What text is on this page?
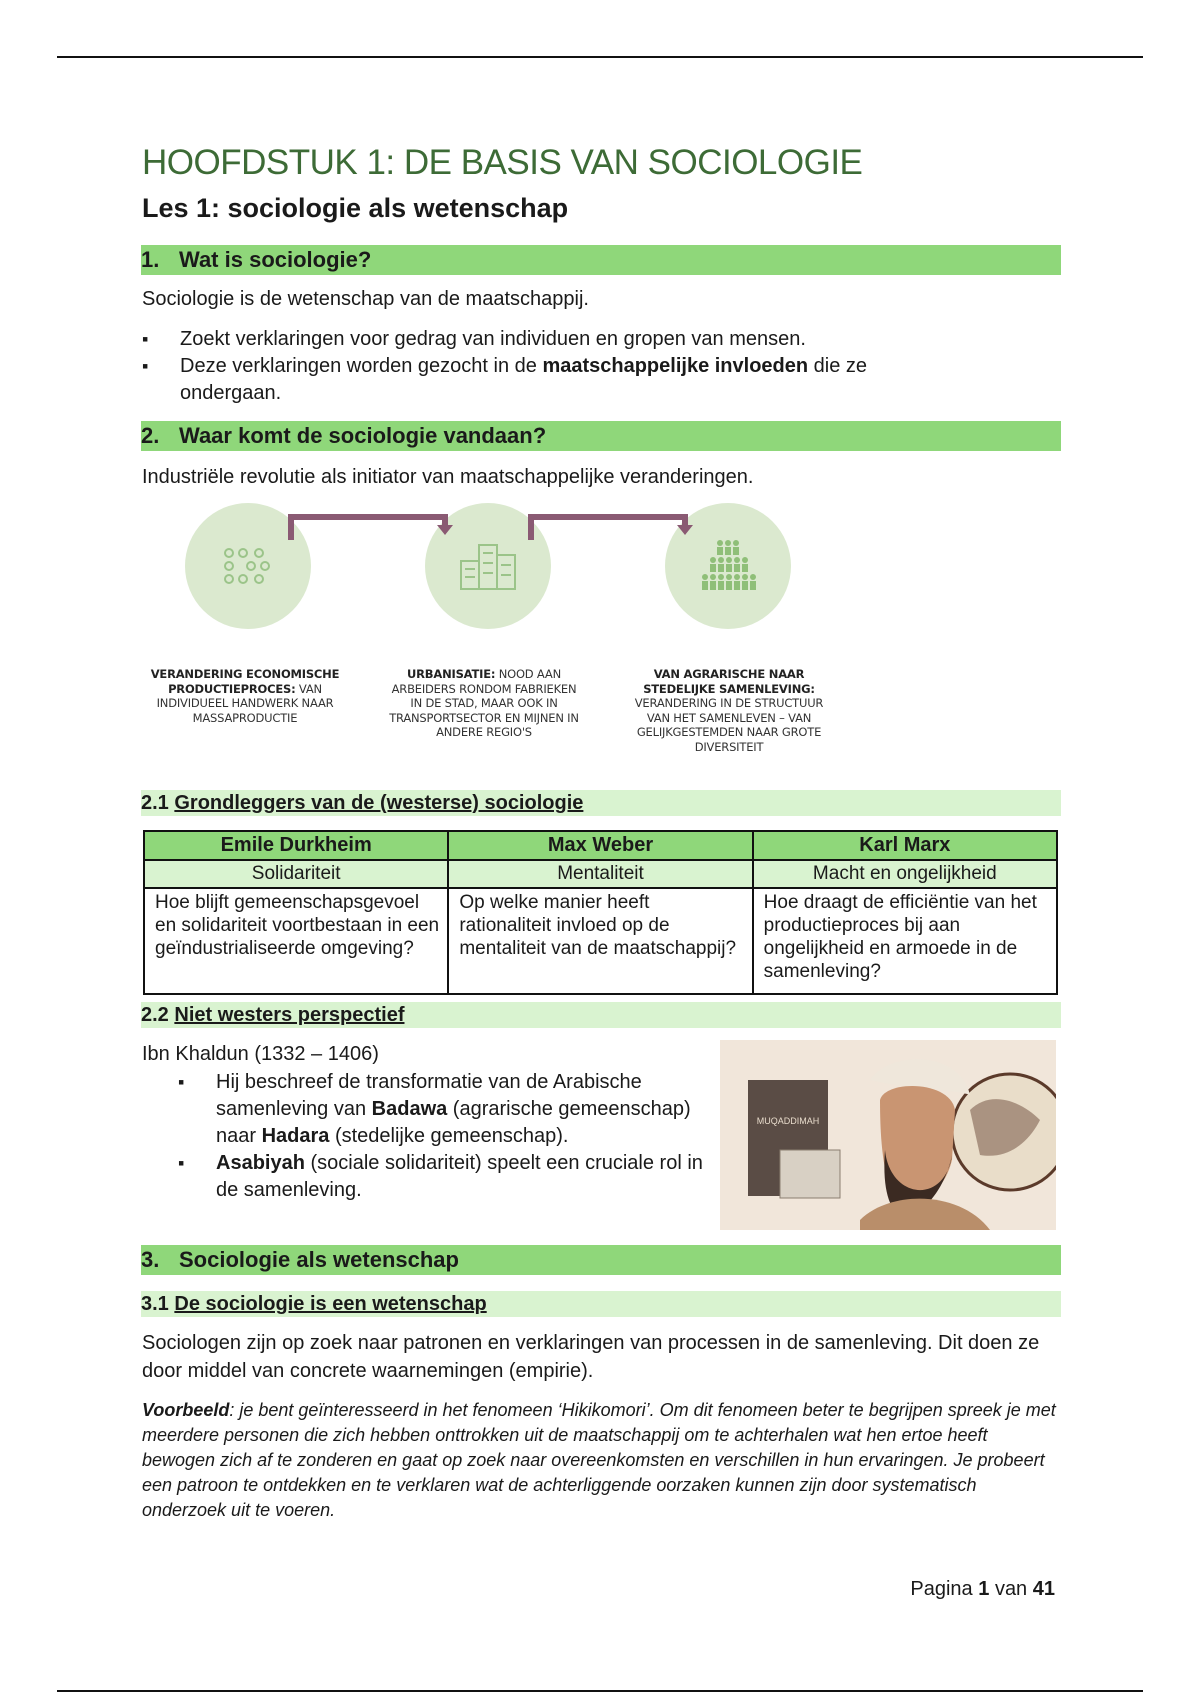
HOOFDSTUK 1: DE BASIS VAN SOCIOLOGIE
Les 1: sociologie als wetenschap
1. Wat is sociologie?
Sociologie is de wetenschap van de maatschappij.
▪ Zoekt verklaringen voor gedrag van individuen en gropen van mensen.
▪ Deze verklaringen worden gezocht in de maatschappelijke invloeden die ze ondergaan.
2. Waar komt de sociologie vandaan?
Industriële revolutie als initiator van maatschappelijke veranderingen.
VERANDERING ECONOMISCHE PRODUCTIEPROCES: VAN INDIVIDUEEL HANDWERK NAAR MASSAPRODUCTIE
URBANISATIE: NOOD AAN ARBEIDERS RONDOM FABRIEKEN IN DE STAD, MAAR OOK IN TRANSPORTSECTOR EN MIJNEN IN ANDERE REGIO'S
VAN AGRARISCHE NAAR STEDELIJKE SAMENLEVING: VERANDERING IN DE STRUCTUUR VAN HET SAMENLEVEN – VAN GELIJKGESTEMDEN NAAR GROTE DIVERSITEIT
2.1 Grondleggers van de (westerse) sociologie
Emile Durkheim	Max Weber	Karl Marx
Solidariteit	Mentaliteit	Macht en ongelijkheid
Hoe blijft gemeenschapsgevoel en solidariteit voortbestaan in een geïndustrialiseerde omgeving?	Op welke manier heeft rationaliteit invloed op de mentaliteit van de maatschappij?	Hoe draagt de efficiëntie van het productieproces bij aan ongelijkheid en armoede in de samenleving?
2.2 Niet westers perspectief
Ibn Khaldun (1332 – 1406)
▪ Hij beschreef de transformatie van de Arabische samenleving van Badawa (agrarische gemeenschap) naar Hadara (stedelijke gemeenschap).
▪ Asabiyah (sociale solidariteit) speelt een cruciale rol in de samenleving.
MUQADDIMAH
3. Sociologie als wetenschap
3.1 De sociologie is een wetenschap
Sociologen zijn op zoek naar patronen en verklaringen van processen in de samenleving. Dit doen ze door middel van concrete waarnemingen (empirie).
Voorbeeld: je bent geïnteresseerd in het fenomeen ‘Hikikomori’. Om dit fenomeen beter te begrijpen spreek je met meerdere personen die zich hebben onttrokken uit de maatschappij om te achterhalen wat hen ertoe heeft bewogen zich af te zonderen en gaat op zoek naar overeenkomsten en verschillen in hun ervaringen. Je probeert een patroon te ontdekken en te verklaren wat de achterliggende oorzaken kunnen zijn door systematisch onderzoek uit te voeren.
Pagina 1 van 41
